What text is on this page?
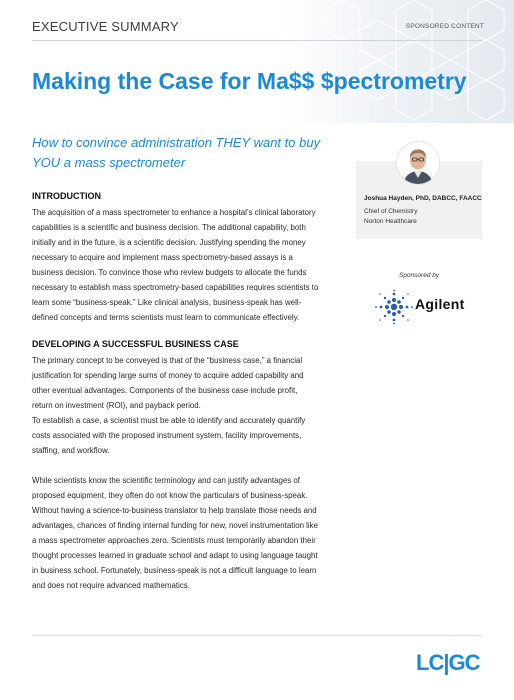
EXECUTIVE SUMMARY	SPONSORED CONTENT
Making the Case for Ma$$ $pectrometry

How to convince administration THEY want to buy YOU a mass spectrometer

Joshua Hayden, PhD, DABCC, FAACC
Chief of Chemistry
Norton Healthcare
Sponsored by
Agilent
INTRODUCTION

The acquisition of a mass spectrometer to enhance a hospital’s clinical laboratory capabilities is a scientific and business decision. The additional capability, both initially and in the future, is a scientific decision. Justifying spending the money necessary to acquire and implement mass spectrometry-based assays is a business decision. To convince those who review budgets to allocate the funds necessary to establish mass spectrometry-based capabilities requires scientists to learn some “business-speak.” Like clinical analysis, business-speak has well-defined concepts and terms scientists must learn to communicate effectively.

DEVELOPING A SUCCESSFUL BUSINESS CASE

The primary concept to be conveyed is that of the “business case,” a financial justification for spending large sums of money to acquire added capability and other eventual advantages. Components of the business case include profit, return on investment (ROI), and payback period.

To establish a case, a scientist must be able to identify and accurately quantify costs associated with the proposed instrument system, facility improvements, staffing, and workflow.

While scientists know the scientific terminology and can justify advantages of proposed equipment, they often do not know the particulars of business-speak. Without having a science-to-business translator to help translate those needs and advantages, chances of finding internal funding for new, novel instrumentation like a mass spectrometer approaches zero. Scientists must temporarily abandon their thought processes learned in graduate school and adapt to using language taught in business school. Fortunately, business-speak is not a difficult language to learn and does not require advanced mathematics.

LC|GC
